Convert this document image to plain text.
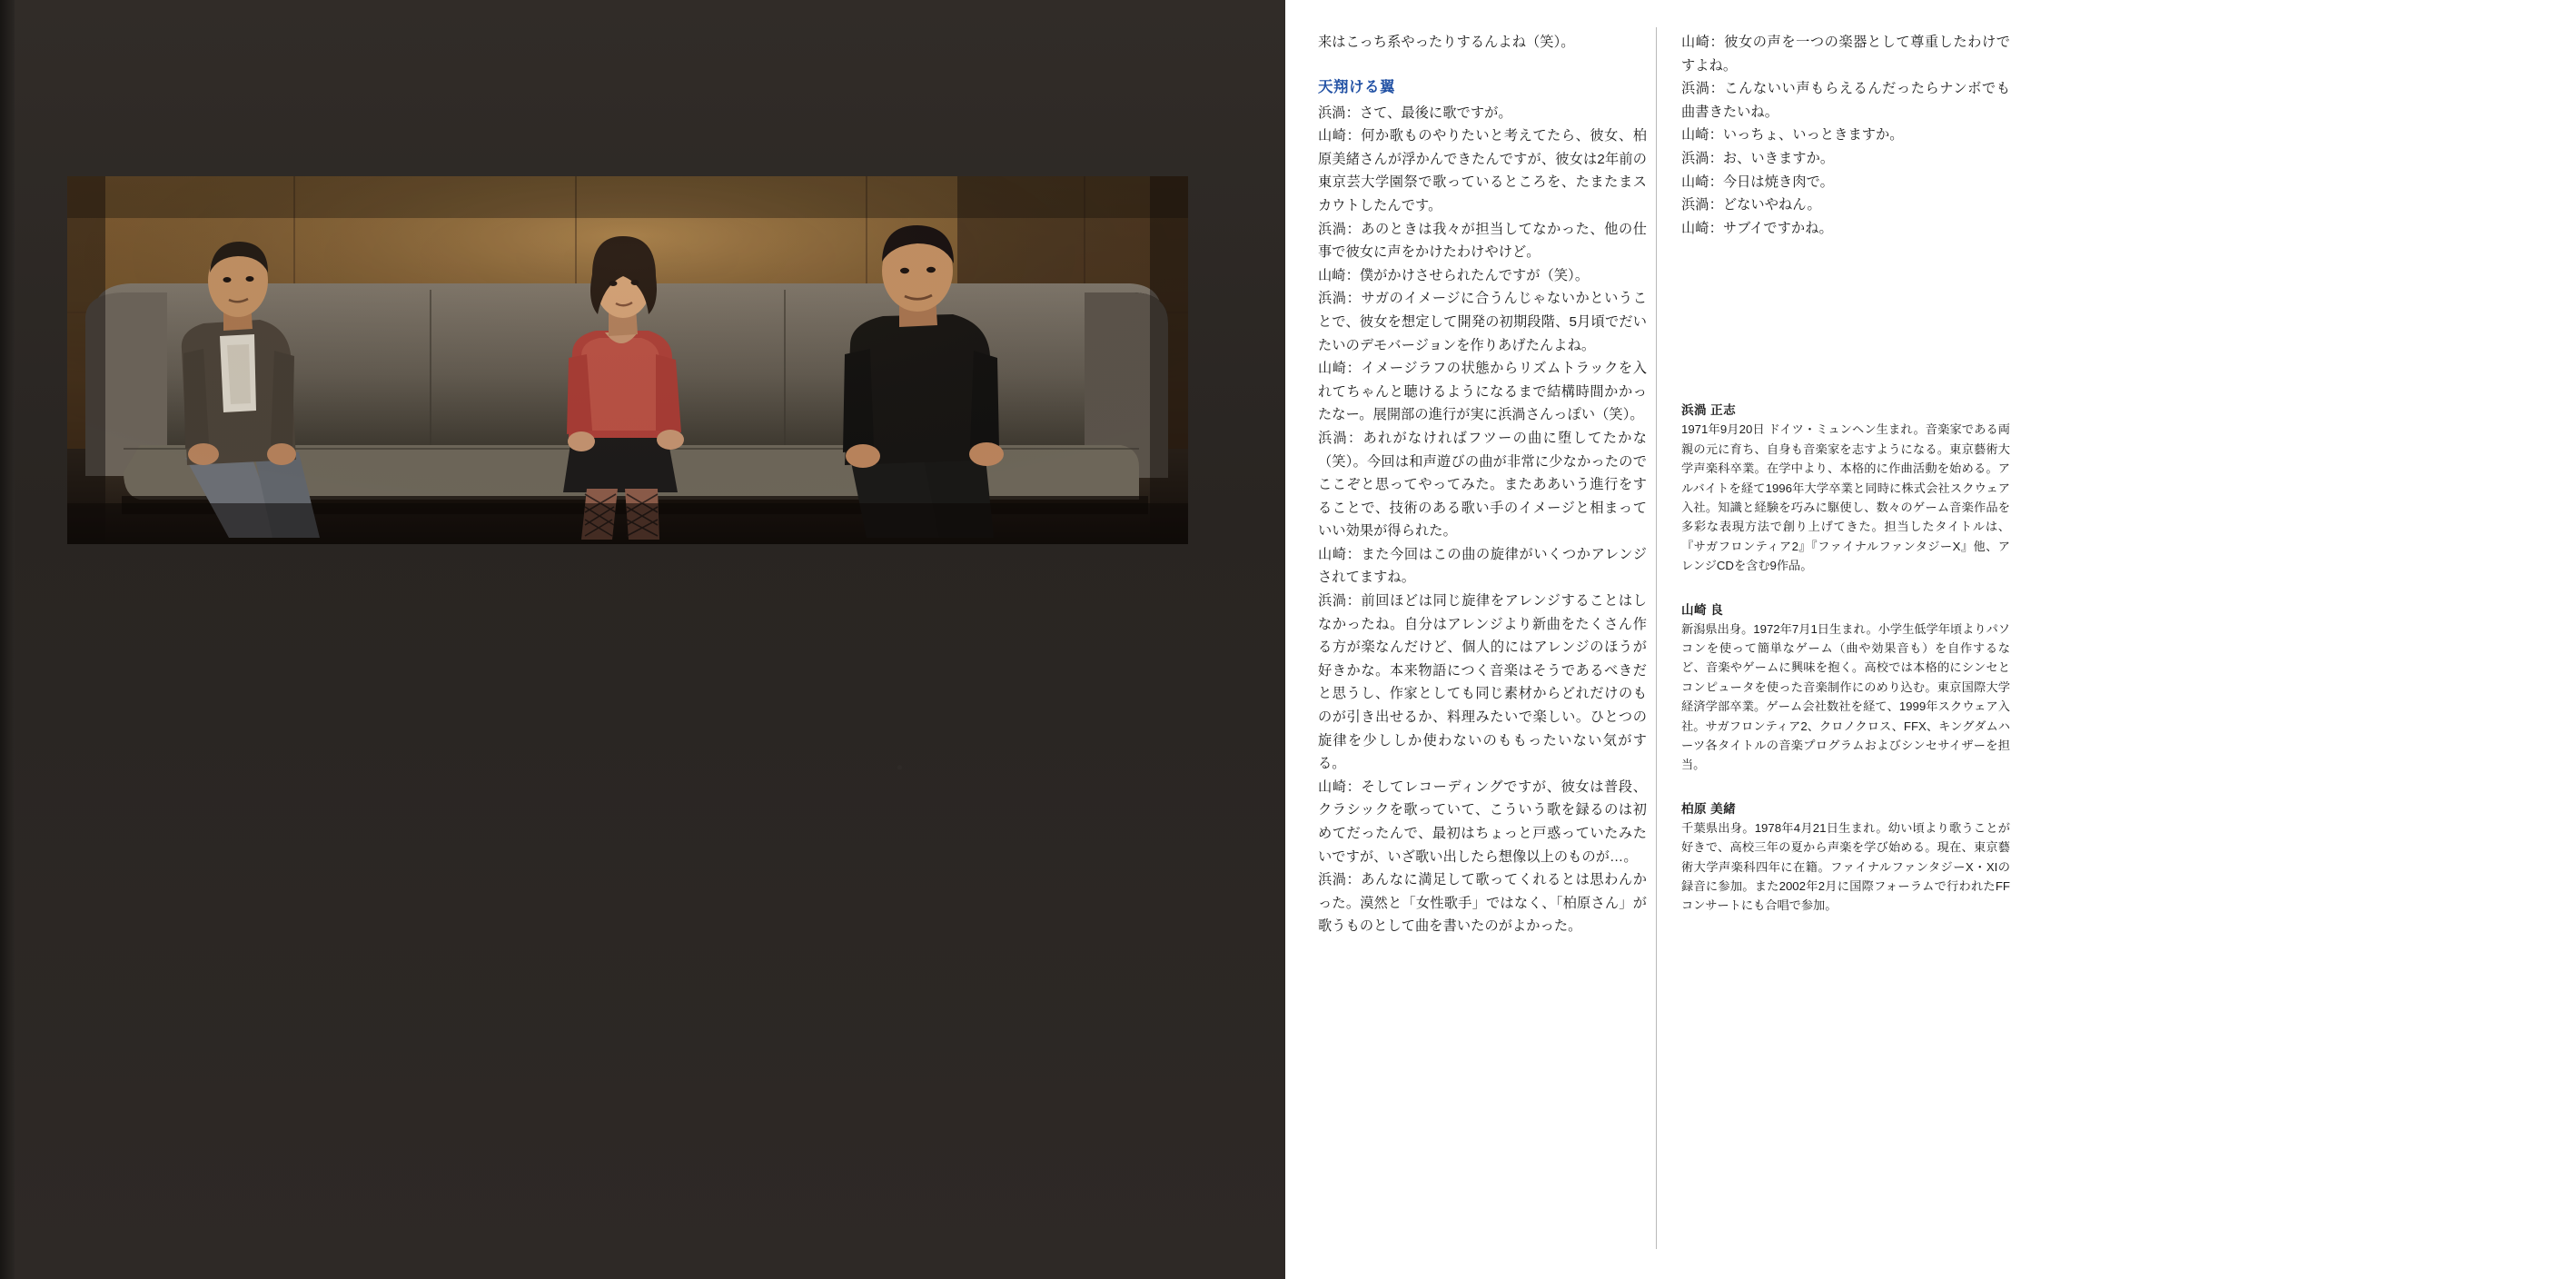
来はこっち系やったりするんよね（笑）。

天翔ける翼

浜渦：さて、最後に歌ですが。

山崎：何か歌ものやりたいと考えてたら、彼女、柏原美緒さんが浮かんできたんですが、彼女は2年前の東京芸大学園祭で歌っているところを、たまたまスカウトしたんです。

浜渦：あのときは我々が担当してなかった、他の仕事で彼女に声をかけたわけやけど。

山崎：僕がかけさせられたんですが（笑）。

浜渦：サガのイメージに合うんじゃないかということで、彼女を想定して開発の初期段階、5月頃でだいたいのデモバージョンを作りあげたんよね。

山崎：イメージラフの状態からリズムトラックを入れてちゃんと聴けるようになるまで結構時間かかったなー。展開部の進行が実に浜渦さんっぽい（笑）。

浜渦：あれがなければフツーの曲に堕してたかな（笑）。今回は和声遊びの曲が非常に少なかったのでここぞと思ってやってみた。またああいう進行をすることで、技術のある歌い手のイメージと相まっていい効果が得られた。

山崎：また今回はこの曲の旋律がいくつかアレンジされてますね。

浜渦：前回ほどは同じ旋律をアレンジすることはしなかったね。自分はアレンジより新曲をたくさん作る方が楽なんだけど、個人的にはアレンジのほうが好きかな。本来物語につく音楽はそうであるべきだと思うし、作家としても同じ素材からどれだけのものが引き出せるか、料理みたいで楽しい。ひとつの旋律を少ししか使わないのももったいない気がする。

山崎：そしてレコーディングですが、彼女は普段、クラシックを歌っていて、こういう歌を録るのは初めてだったんで、最初はちょっと戸惑っていたみたいですが、いざ歌い出したら想像以上のものが…。

浜渦：あんなに満足して歌ってくれるとは思わんかった。漠然と「女性歌手」ではなく、「柏原さん」が歌うものとして曲を書いたのがよかった。

山崎：彼女の声を一つの楽器として尊重したわけですよね。

浜渦：こんないい声もらえるんだったらナンボでも曲書きたいね。

山崎：いっちょ、いっときますか。

浜渦：お、いきますか。

山崎：今日は焼き肉で。

浜渦：どないやねん。

山崎：サブイですかね。

浜渦 正志

1971年9月20日 ドイツ・ミュンヘン生まれ。音楽家である両親の元に育ち、自身も音楽家を志すようになる。東京藝術大学声楽科卒業。在学中より、本格的に作曲活動を始める。アルバイトを経て1996年大学卒業と同時に株式会社スクウェア入社。知識と経験を巧みに駆使し、数々のゲーム音楽作品を多彩な表現方法で創り上げてきた。担当したタイトルは、『サガフロンティア2』『ファイナルファンタジーX』他、アレンジCDを含む9作品。

山崎 良

新潟県出身。1972年7月1日生まれ。小学生低学年頃よりパソコンを使って簡単なゲーム（曲や効果音も）を自作するなど、音楽やゲームに興味を抱く。高校では本格的にシンセとコンピュータを使った音楽制作にのめり込む。東京国際大学経済学部卒業。ゲーム会社数社を経て、1999年スクウェア入社。サガフロンティア2、クロノクロス、FFX、キングダムハーツ各タイトルの音楽プログラムおよびシンセサイザーを担当。

柏原 美緒

千葉県出身。1978年4月21日生まれ。幼い頃より歌うことが好きで、高校三年の夏から声楽を学び始める。現在、東京藝術大学声楽科四年に在籍。ファイナルファンタジーX・XIの録音に参加。また2002年2月に国際フォーラムで行われたFFコンサートにも合唱で参加。
